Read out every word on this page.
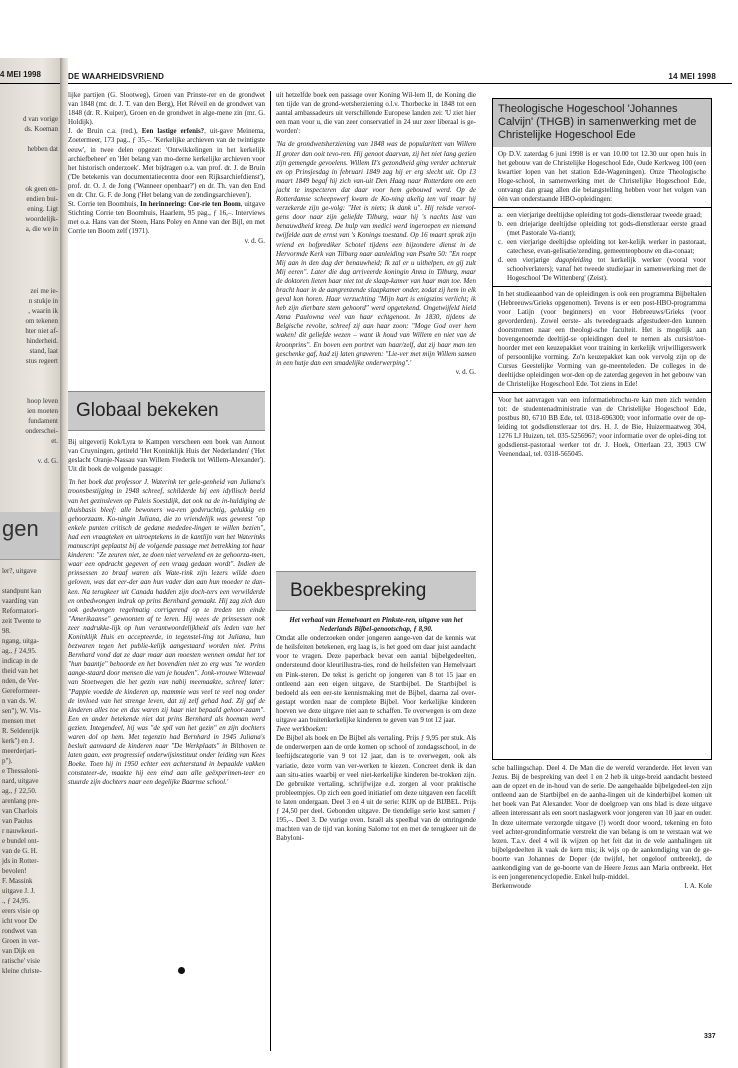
4 MEI 1998
d van vorige
ds. Koeman

hebben dat
ok geen en-
endien bui-
ening. Ligt
woordelijk-
a, die we in
zei me ie-
n stukje in
, waarin ik
om tekenen
hter niet af-
hinderheid.
stand, laat
stus regeert
hoop leven
ien moeten
fundament
onderschei-
et.

v. d. G.
gen
ler?, uitgave

standpunt kan
vaarding van
Reformatori-
zeit Twente te
98.
ngang, uitga-
ag., ƒ 24,95.
indicap in de
theid van het
nden, de Ver-
Gereformeer-
n van ds. W.
sen"), W. Vis-
mensen met
R. Seldenrijk
kerk") en J.
meerderjari-
p").
e Thessaloni-
nard, uitgave
ag., ƒ 22,50.
arenlang pre-
van Charlois
van Paulus
r nauwkeuri-
e bundel ont-
van de G. H.
jds in Rotter-
bevolen!
F. Massink
uitgave J. J.
., ƒ 24,95.
erers visie op
icht voor De
rondwet van
Groen in ver-
van Dijk en
ratische' visie
kleine christe-
DE WAARHEIDSVRIEND	14 MEI 1998

lijke partijen (G. Slootweg), Groen van Prinste-rer en de grondwet van 1848 (mr. dr. J. T. van den Berg), Het Réveil en de grondwet van 1848 (dr. R. Kuiper), Groen en de grondwet in alge-mene zin (mr. G. Holdijk).

J. de Bruin c.a. (red.), Een lastige erfenis?, uit-gave Meinema, Zoetermeer, 173 pag., ƒ 35,–. 'Kerkelijke archieven van de twintigste eeuw', in twee delen opgezet: 'Ontwikkelingen in het kerkelijk archiefbeheer' en 'Het belang van mo-derne kerkelijke archieven voor het historisch onderzoek'. Met bijdragen o.a. van prof. dr. J. de Bruin ('De betekenis van documentatiecentra door een Rijksarchiefdienst'), prof. dr. O. J. de Jong ('Wanneer openbaar?') en dr. Th. van den End en dr. Chr. G. F. de Jong ('Het belang van de zendingsarchieven').

St. Corrie ten Boomhuis, In herinnering: Cor-rie ten Boom, uitgave Stichting Corrie ten Boomhuis, Haarlem, 95 pag., ƒ 16,–. Interviews met o.a. Hans van der Steen, Hans Poley en Anne van der Bijl, en met Corrie ten Boom zelf (1971).

v. d. G.

Globaal bekeken

Bij uitgeverij Kok/Lyra te Kampen verscheen een boek van Annout van Cruyningen, getiteld 'Het Koninklijk Huis der Nederlanden' ('Het geslacht Oranje-Nassau van Willem Frederik tot Willem-Alexander'). Uit dit boek de volgende passage:

'In het boek dat professor J. Waterink ter gele-genheid van Juliana's troonsbestijging in 1948 schreef, schilderde hij een idyllisch beeld van het gezinsleven op Paleis Soestdijk, dat ook na de in-huldiging de thuisbasis bleef: alle bewoners wa-ren godvruchtig, gelukkig en gehoorzaam. Ko-ningin Juliana, die zo vriendelijk was geweest "op enkele punten critisch de gedane mededee-lingen te willen bezien", had een vraagteken en uitroeptekens in de kantlijn van het Waterinks manuscript geplaatst bij de volgende passage met betrekking tot haar kinderen: "Ze zeuren niet, ze doen niet vervelend en ze gehoorza-men, waar een opdracht gegeven of een vraag gedaan wordt". Indien de prinsessen zo braaf waren als Wate-rink zijn lezers wilde doen geloven, was dat eer-der aan hun vader dan aan hun moeder te dan-ken. Na terugkeer uit Canada hadden zijn doch-ters een verwilderde en onbedwongen indruk op prins Bernhard gemaakt. Hij zag zich dan ook gedwongen regelmatig corrigerend op te treden ten einde "Amerikaanse" gewoonten af te leren. Hij wees de prinsessen ook zeer nadrukke-lijk op hun verantwoordelijkheid als leden van het Koninklijk Huis en accepteerde, in tegenstel-ling tot Juliana, hun bezwaren tegen het publie-kelijk aangestaard worden niet. Prins Bernhard vond dat ze daar maar aan moesten wennen omdat het tot "hun baantje" behoorde en het bovendien niet zo erg was "te worden aange-staard door mensen die van je houden". Jonk-vrouwe Wttewaal van Stoetwegen die het gezin van nabij meemaakte, schreef later: "Pappie voedde de kinderen op, mammie was veel te veel nog onder de invloed van het strenge leven, dat zij zelf gehad had. Zij gaf de kinderen alles toe en dus waren zij haar niet bepaald gehoor-zaam". Een en ander betekende niet dat prins Bernhard als boeman werd gezien. Integendeel, hij was "de spil van het gezin" en zijn dochters waren dol op hem. Met tegenzin had Bernhard in 1945 Juliana's besluit aanvaard de kinderen naar "De Werkplaats" in Bilthoven te laten gaan, een progressief onderwijsinstituut onder leiding van Kees Boeke. Toen hij in 1950 echter een achterstand in bepaalde vakken constateer-de, maakte hij een eind aan alle geëxperimen-teer en stuurde zijn dochters naar een degelijke Baarnse school.'

uit hetzelfde boek een passage over Koning Wil-lem II, de Koning die ten tijde van de grond-wetsherziening o.l.v. Thorbecke in 1848 tot een aantal ambassadeurs uit verschillende Europese landen zei: 'U ziet hier een man voor u, die van zeer conservatief in 24 uur zeer liberaal is ge-worden':

'Na de grondwetsherziening van 1848 was de popularitett van Willem II groter dan ooit tevo-ren. Hij genoot daarvan, zij het niet lang gezien zijn gemengde gevoelens. Willem II's gezondheid ging verder achteruit en op Prinsjesdag in februari 1849 zag hij er erg slecht uit. Op 13 maart 1849 begaf hij zich van-uit Den Haag naar Rotterdam om een jacht te inspecteren dat daar voor hem gebouwd werd. Op de Rotterdamse scheepswerf kwam de Ko-ning akelig ten val maar hij verzekerde zijn ge-volg: "Het is niets; ik dank u". Hij reisde vervol-gens door naar zijn geliefde Tilburg, waar hij 's nachts last van benauwdheid kreeg. De hulp van medici werd ingeroepen en niemand twijfelde aan de ernst van 's Konings toestand. Op 16 maart sprak zijn vriend en hofprediker Schotel tijdens een bijzondere dienst in de Hervormde Kerk van Tilburg naar aanleiding van Psalm 50: "En roept Mij aan in den dag der benauwheid; Ik zal er u uithelpen, en gij zult Mij eeren". Later die dag arriveerde koningin Anna in Tilburg, maar de doktoren lieten haar niet tot de slaap-kamer van haar man toe. Men bracht haar in de aangrenzende slaapkamer onder, zodat zij hem in elk geval kon horen. Haar verzuchting "Mijn hart is enigszins verlicht; ik heb zijn dierbare stem gehoord" werd opgetekend. Ongetwijfeld hield Anna Paulowna veel van haar echtgenoot. In 1830, tijdens de Belgische revolte, schreef zij aan haar zoon: "Moge God over hem waken! dit geliefde wezen – want ik houd van Willem en niet van de kroonprins". En boven een portret van haar/zelf, dat zij haar man ten geschenke gaf, had zij laten graveren: "Lie-ver met mijn Willem samen in een hutje dan een smadelijke onderwerping".'

v. d. G.

Boekbespreking

Het verhaal van Hemelvaart en Pinkste-ren, uitgave van het Nederlands Bijbel-genootschap, ƒ 8,90.

Omdat alle onderzoeken onder jongeren aange-ven dat de kennis wat de heilsfeiten betekenen, erg laag is, is het goed om daar juist aandacht voor te vragen. Deze paperback bevat een aantal bijbelgedeelten, ondersteund door kleurillustra-ties, rond de heilsfeiten van Hemelvaart en Pink-steren. De tekst is gericht op jongeren van 8 tot 15 jaar en ontleend aan een eigen uitgave, de Startbijbel. De Startbijbel is bedoeld als een eer-ste kennismaking met de Bijbel, daarna zal over-gestapt worden naar de complete Bijbel. Voor kerkelijke kinderen hoeven we deze uitgave niet aan te schaffen. Te overwegen is om deze uitgave aan buitenkerkelijke kinderen te geven van 9 tot 12 jaar.

Twee werkboeken:

De Bijbel als boek en De Bijbel als vertaling. Prijs ƒ 9,95 per stuk. Als de onderwerpen aan de orde komen op school of zondagsschool, in de leeftijdscategorie van 9 tot 12 jaar, dan is te overwegen, ook als variatie, deze vorm van ver-werken te kiezen. Concreet denk ik dan aan situ-aties waarbij er veel niet-kerkelijke kinderen be-trokken zijn. De gebruikte vertaling, schrijfwijze e.d. zorgen al voor praktische probleempjes. Op zich een goed initiatief om deze uitgaven een facelift te laten ondergaan. Deel 3 en 4 uit de serie: KIJK op de BIJBEL. Prijs ƒ 24,50 per deel. Gebonden uitgave. De tiendelige serie kost samen ƒ 195,–. Deel 3. De vurige oven. Israël als speelbal van de omringende machten van de tijd van koning Salomo tot en met de terugkeer uit de Babyloni-

Theologische Hogeschool 'Johannes Calvijn' (THGB) in samenwerking met de Christelijke Hogeschool Ede
Op D.V. zaterdag 6 juni 1998 is er van 10.00 tot 12.30 uur open huis in het gebouw van de Christelijke Hogeschool Ede, Oude Kerkweg 100 (een kwartier lopen van het station Ede-Wageningen). Onze Theologische Hoge-school, in samenwerking met de Christelijke Hogeschool Ede, ontvangt dan graag allen die belangstelling hebben voor het volgen van één van onderstaande HBO-opleidingen:
a. een vierjarige deeltijdse opleiding tot gods-dienstleraar tweede graad;
b. een driejarige deeltijdse opleiding tot gods-dienstleraar eerste graad (met Pastorale Va-riant);
c. een vierjarige deeltijdse opleiding tot ker-kelijk werker in pastoraat, catechese, evan-gelisatie/zending, gemeenteopbouw en dia-conaat;
d. een vierjarige dagopleiding tot kerkelijk werker (vooral voor schoolverlaters); vanaf het tweede studiejaar in samenwerking met de Hogeschool 'De Wittenberg' (Zeist).
In het studieaanbod van de opleidingen is ook een programma Bijbeltalen (Hebreeuws/Grieks opgenomen). Tevens is er een post-HBO-programma voor Latijn (voor beginners) en voor Hebreeuws/Grieks (voor gevorderden). Zowel eerste- als tweedegraads afgestudeer-den kunnen doorstromen naar een theologi-sche faculteit. Het is mogelijk aan bovengenoemde deeltijd-se opleidingen deel te nemen als cursist/toe-hoorder met een keuzepakket voor training in kerkelijk vrijwilligerswerk of persoonlijke vorming. Zo'n keuzepakket kan ook vervolg zijn op de Cursus Geestelijke Vorming van ge-meenteleden. De colleges in de deeltijdse opleidingen wor-den op de zaterdag gegeven in het gebouw van de Christelijke Hogeschool Ede. Tot ziens in Ede!
Voor het aanvragen van een informatiebrochu-re kan men zich wenden tot: de studentenadministratie van de Christelijke Hogeschool Ede, postbus 80, 6710 BB Ede, tel. 0318-696300; voor informatie over de op-leiding tot godsdienstleraar tot drs. H. J. de Bie, Huizermaatweg 304, 1276 LJ Huizen, tel. 035-5256967; voor informatie over de oplei-ding tot godsdienst-pastoraal werker tot dr. J. Hoek, Otterlaan 23, 3903 CW Veenendaal, tel. 0318-565045.

sche ballingschap. Deel 4. De Man die de wereld veranderde. Het leven van Jezus. Bij de bespreking van deel 1 en 2 heb ik uitge-breid aandacht besteed aan de opzet en de in-houd van de serie. De aangehaalde bijbelgedeel-ten zijn ontleend aan de Startbijbel en de aanha-lingen uit de kinderbijbel komen uit het boek van Pat Alexander. Voor de doelgroep van ons blad is deze uitgave alleen interessant als een soort naslagwerk voor jongeren van 10 jaar en ouder. In deze uitermate verzorgde uitgave (!) wordt door woord, tekening en foto veel achter-grondinformatie verstrekt die van belang is om te verstaan wat we lezen. T.a.v. deel 4 wil ik wijzen op het feit dat in de vele aanhalingen uit bijbelgedeelten ik vaak de kern mis; ik wijs op de aankondiging van de ge-boorte van Johannes de Doper (de twijfel, het ongeloof ontbreekt), de aankondiging van de ge-boorte van de Heere Jezus aan Maria ontbreekt. Het is een jongerenencyclopedie. Enkel hulp-middel.

Berkenwoude	I. A. Kole
337
